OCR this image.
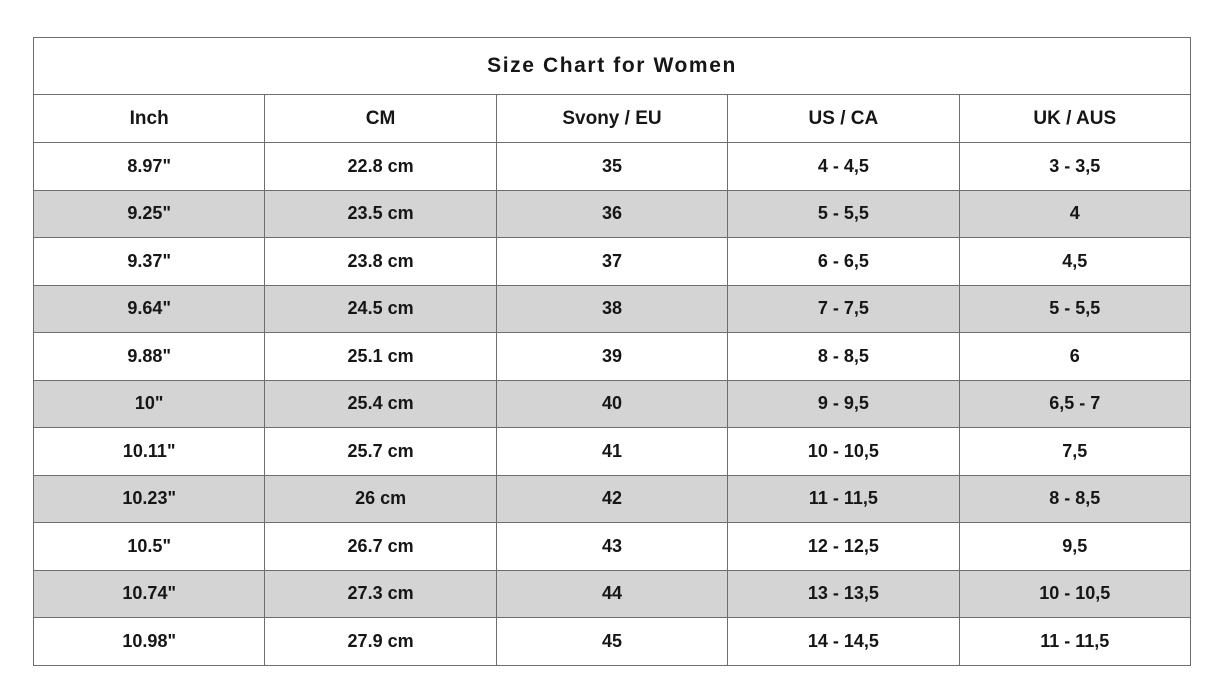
Size Chart for Women				
Inch	CM	Svony / EU	US / CA	UK / AUS
8.97"	22.8 cm	35	4 - 4,5	3 - 3,5
9.25"	23.5 cm	36	5 - 5,5	4
9.37"	23.8 cm	37	6 - 6,5	4,5
9.64"	24.5 cm	38	7 - 7,5	5 - 5,5
9.88"	25.1 cm	39	8 - 8,5	6
10"	25.4 cm	40	9 - 9,5	6,5 - 7
10.11"	25.7 cm	41	10 - 10,5	7,5
10.23"	26 cm	42	11 - 11,5	8 - 8,5
10.5"	26.7 cm	43	12 - 12,5	9,5
10.74"	27.3 cm	44	13 - 13,5	10 - 10,5
10.98"	27.9 cm	45	14 - 14,5	11 - 11,5
